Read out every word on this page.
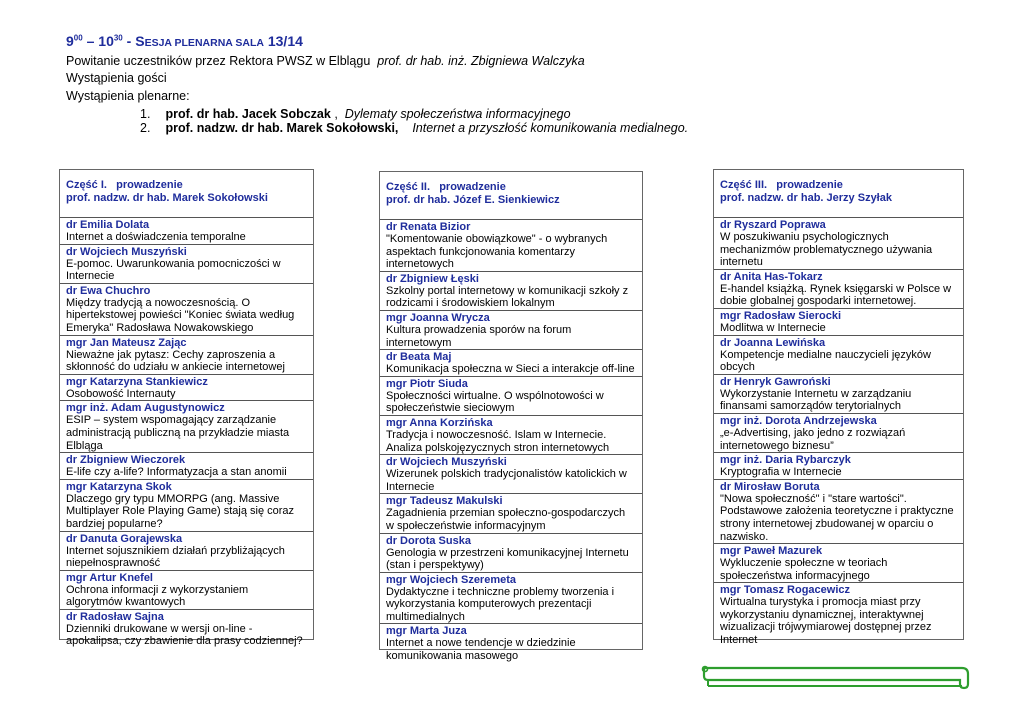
$9^{00} - 10^{30}$ - SESJA PLENARNA SALA 13/14
Powitanie uczestników przez Rektora PWSZ w Elblągu prof. dr hab. inż. Zbigniewa Walczyka
Wystąpienia gości
Wystąpienia plenarne:
1. prof. dr hab. Jacek Sobczak , Dylematy społeczeństwa informacyjnego
2. prof. nadzw. dr hab. Marek Sokołowski, Internet a przyszłość komunikowania medialnego.
Część I. prowadzenie
prof. nadzw. dr hab. Marek Sokołowski
dr Emilia Dolata
Internet a doświadczenia temporalne
dr Wojciech Muszyński
E-pomoc. Uwarunkowania pomocniczości w Internecie
dr Ewa Chuchro
Między tradycją a nowoczesnością. O hipertekstowej powieści "Koniec świata według Emeryka" Radosława Nowakowskiego
mgr Jan Mateusz Zając
Nieważne jak pytasz: Cechy zaproszenia a skłonność do udziału w ankiecie internetowej
mgr Katarzyna Stankiewicz
Osobowość Internauty
mgr inż. Adam Augustynowicz
ESIP – system wspomagający zarządzanie administracją publiczną na przykładzie miasta Elbląga
dr Zbigniew Wieczorek
E-life czy a-life? Informatyzacja a stan anomii
mgr Katarzyna Skok
Dlaczego gry typu MMORPG (ang. Massive Multiplayer Role Playing Game) stają się coraz bardziej popularne?
dr Danuta Gorajewska
Internet sojusznikiem działań przybliżających niepełnosprawność
mgr Artur Knefel
Ochrona informacji z wykorzystaniem algorytmów kwantowych
dr Radosław Sajna
Dzienniki drukowane w wersji on-line - apokalipsa, czy zbawienie dla prasy codziennej?
Część II. prowadzenie
prof. dr hab. Józef E. Sienkiewicz
dr Renata Bizior
"Komentowanie obowiązkowe" - o wybranych aspektach funkcjonowania komentarzy internetowych
dr Zbigniew Łęski
Szkolny portal internetowy w komunikacji szkoły z rodzicami i środowiskiem lokalnym
mgr Joanna Wrycza
Kultura prowadzenia sporów na forum internetowym
dr Beata Maj
Komunikacja społeczna w Sieci a interakcje off-line
mgr Piotr Siuda
Społeczności wirtualne. O wspólnotowości w społeczeństwie sieciowym
mgr Anna Korzińska
Tradycja i nowoczesność. Islam w Internecie. Analiza polskojęzycznych stron internetowych
dr Wojciech Muszyński
Wizerunek polskich tradycjonalistów katolickich w Internecie
mgr Tadeusz Makulski
Zagadnienia przemian społeczno-gospodarczych w społeczeństwie informacyjnym
dr Dorota Suska
Genologia w przestrzeni komunikacyjnej Internetu (stan i perspektywy)
mgr Wojciech Szeremeta
Dydaktyczne i techniczne problemy tworzenia i wykorzystania komputerowych prezentacji multimedialnych
mgr Marta Juza
Internet a nowe tendencje w dziedzinie komunikowania masowego
Część III. prowadzenie
prof. nadzw. dr hab. Jerzy Szyłak
dr Ryszard Poprawa
W poszukiwaniu psychologicznych mechanizmów problematycznego używania internetu
dr Anita Has-Tokarz
E-handel książką. Rynek księgarski w Polsce w dobie globalnej gospodarki internetowej.
mgr Radosław Sierocki
Modlitwa w Internecie
dr Joanna Lewińska
Kompetencje medialne nauczycieli języków obcych
dr Henryk Gawroński
Wykorzystanie Internetu w zarządzaniu finansami samorządów terytorialnych
mgr inż. Dorota Andrzejewska
„e-Advertising, jako jedno z rozwiązań internetowego biznesu”
mgr inż. Daria Rybarczyk
Kryptografia w Internecie
dr Mirosław Boruta
"Nowa społeczność" i "stare wartości". Podstawowe założenia teoretyczne i praktyczne strony internetowej zbudowanej w oparciu o nazwisko.
mgr Paweł Mazurek
Wykluczenie społeczne w teoriach społeczeństwa informacyjnego
mgr Tomasz Rogacewicz
Wirtualna turystyka i promocja miast przy wykorzystaniu dynamicznej, interaktywnej wizualizacji trójwymiarowej dostępnej przez Internet
